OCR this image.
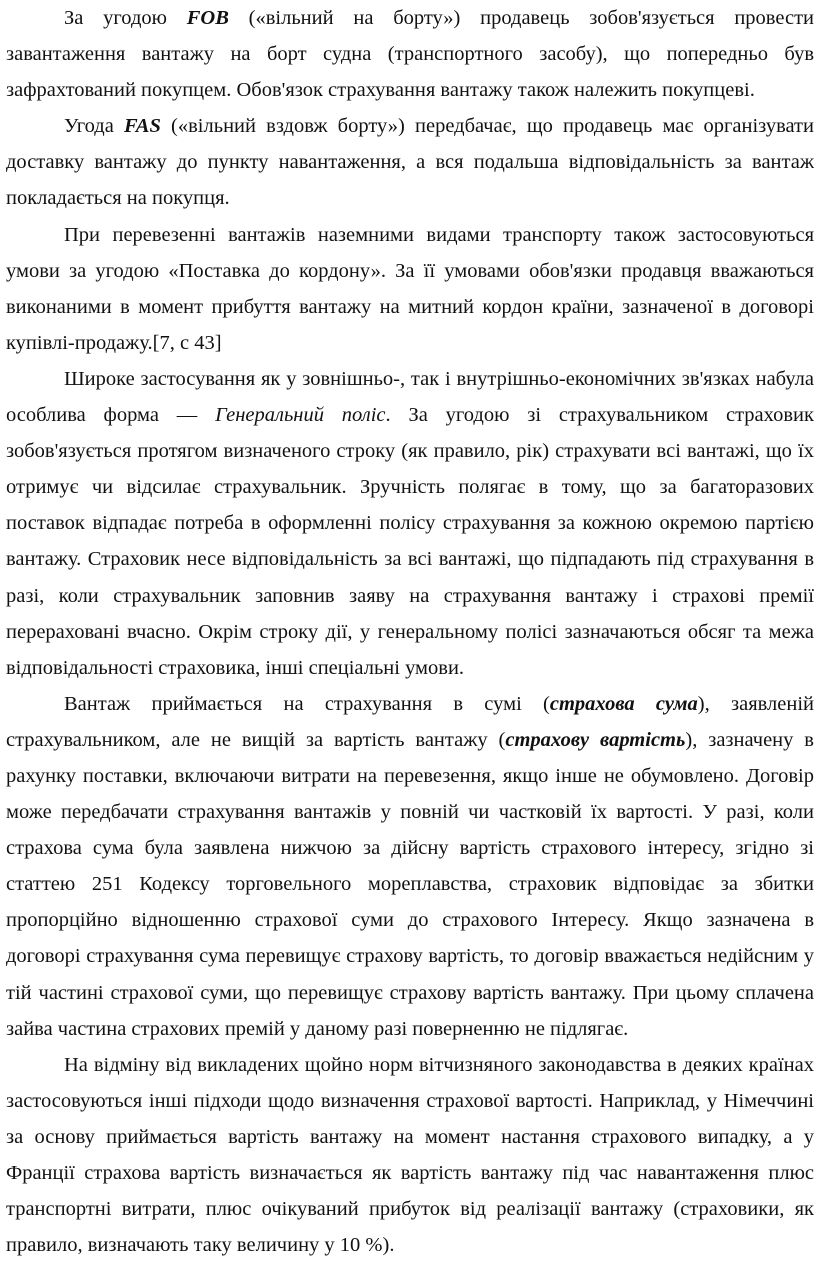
За угодою FOB («вільний на борту») продавець зобов'язується провести завантаження вантажу на борт судна (транспортного засобу), що попередньо був зафрахтований покупцем. Обов'язок страхування вантажу також належить покупцеві.

Угода FAS («вільний вздовж борту») передбачає, що продавець має організувати доставку вантажу до пункту навантаження, а вся подальша відповідальність за вантаж покладається на покупця.

При перевезенні вантажів наземними видами транспорту також застосовуються умови за угодою «Поставка до кордону». За її умовами обов'язки продавця вважаються виконаними в момент прибуття вантажу на митний кордон країни, зазначеної в договорі купівлі-продажу.[7, с 43]

Широке застосування як у зовнішньо-, так і внутрішньо-економічних зв'язках набула особлива форма — Генеральний поліс. За угодою зі страхувальником страховик зобов'язується протягом визначеного строку (як правило, рік) страхувати всі вантажі, що їх отримує чи відсилає страхувальник. Зручність полягає в тому, що за багаторазових поставок відпадає потреба в оформленні полісу страхування за кожною окремою партією вантажу. Страховик несе відповідальність за всі вантажі, що підпадають під страхування в разі, коли страхувальник заповнив заяву на страхування вантажу і страхові премії перераховані вчасно. Окрім строку дії, у генеральному полісі зазначаються обсяг та межа відповідальності страховика, інші спеціальні умови.

Вантаж приймається на страхування в сумі (страхова сума), заявленій страхувальником, але не вищій за вартість вантажу (страхову вартість), зазначену в рахунку поставки, включаючи витрати на перевезення, якщо інше не обумовлено. Договір може передбачати страхування вантажів у повній чи частковій їх вартості. У разі, коли страхова сума була заявлена нижчою за дійсну вартість страхового інтересу, згідно зі статтею 251 Кодексу торговельного мореплавства, страховик відповідає за збитки пропорційно відношенню страхової суми до страхового Інтересу. Якщо зазначена в договорі страхування сума перевищує страхову вартість, то договір вважається недійсним у тій частині страхової суми, що перевищує страхову вартість вантажу. При цьому сплачена зайва частина страхових премій у даному разі поверненню не підлягає.

На відміну від викладених щойно норм вітчизняного законодавства в деяких країнах застосовуються інші підходи щодо визначення страхової вартості. Наприклад, у Німеччині за основу приймається вартість вантажу на момент настання страхового випадку, а у Франції страхова вартість визначається як вартість вантажу під час навантаження плюс транспортні витрати, плюс очікуваний прибуток від реалізації вантажу (страховики, як правило, визначають таку величину у 10 %).
